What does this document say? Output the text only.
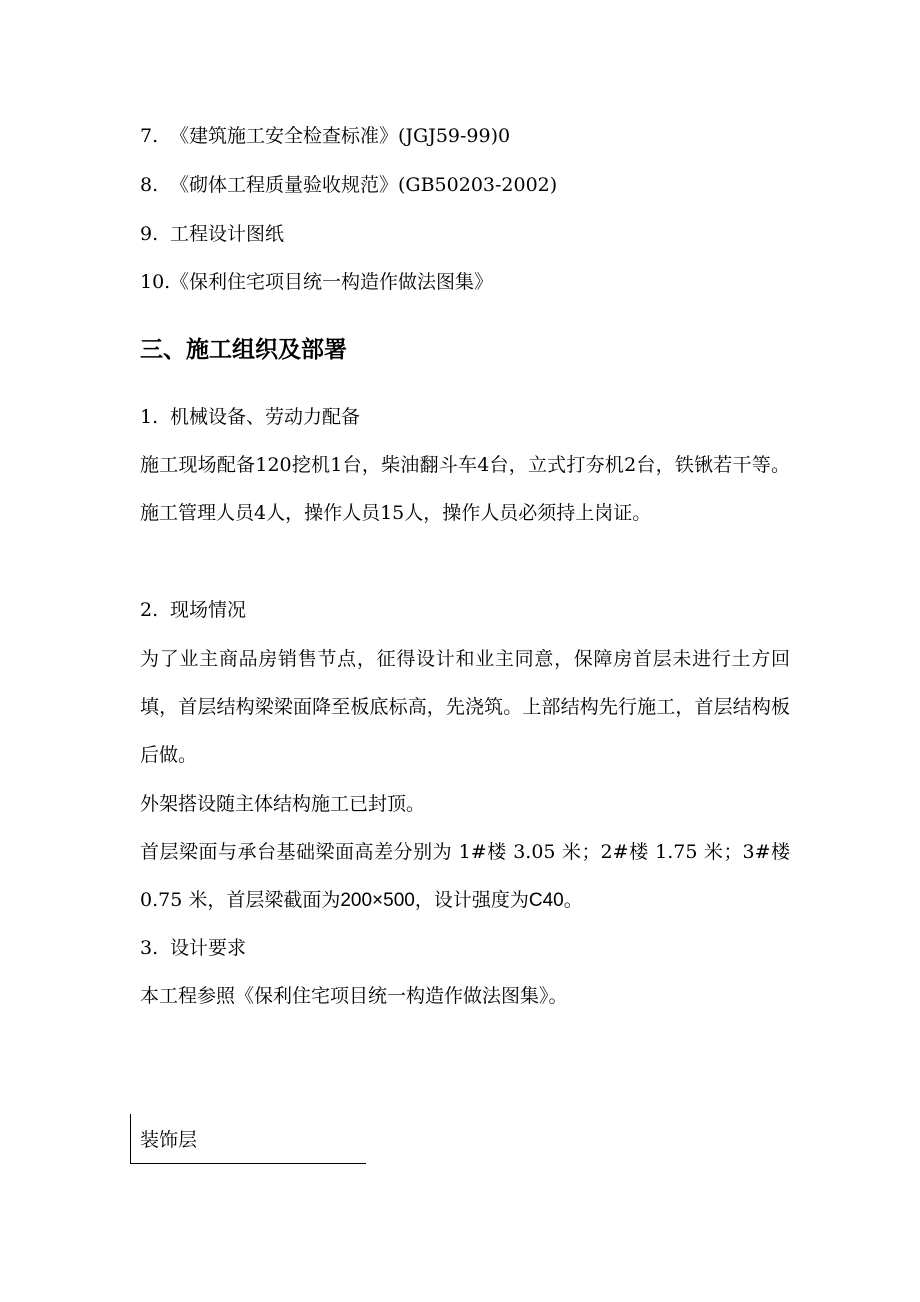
7. 《建筑施工安全检查标准》(JGJ59-99)0
8. 《砌体工程质量验收规范》(GB50203-2002)
9. 工程设计图纸
10.《保利住宅项目统一构造作做法图集》
三、施工组织及部署
1. 机械设备、劳动力配备
施工现场配备120挖机1台，柴油翻斗车4台，立式打夯机2台，铁锹若干等。施工管理人员4人，操作人员15人，操作人员必须持上岗证。
2. 现场情况
为了业主商品房销售节点，征得设计和业主同意，保障房首层未进行土方回填，首层结构梁梁面降至板底标高，先浇筑。上部结构先行施工，首层结构板后做。
外架搭设随主体结构施工已封顶。
首层梁面与承台基础梁面高差分别为 1#楼 3.05 米；2#楼 1.75 米；3#楼 0.75 米，首层梁截面为200×500，设计强度为C40。
3. 设计要求
本工程参照《保利住宅项目统一构造作做法图集》。
装饰层
